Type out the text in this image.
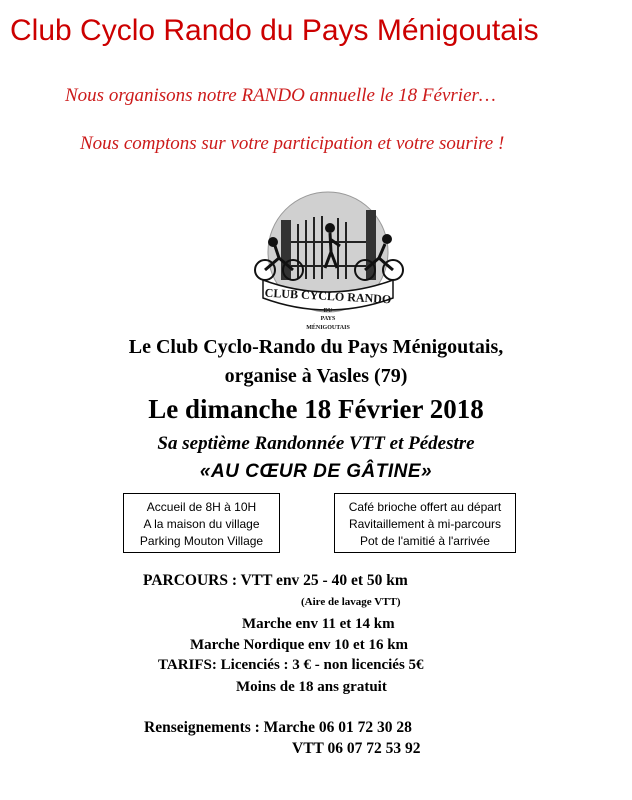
Club Cyclo Rando du Pays Ménigoutais
Nous organisons notre RANDO annuelle le 18 Février…
Nous comptons sur votre participation et votre sourire !
CLUB CYCLO RANDO
DU
PAYS
MÉNIGOUTAIS
Le Club Cyclo-Rando du Pays Ménigoutais,
organise à Vasles (79)
Le dimanche 18 Février 2018
Sa septième Randonnée VTT et Pédestre
«AU CŒUR DE GÂTINE»
Accueil de 8H à 10H
A la maison du village
Parking Mouton Village
Café brioche offert au départ
Ravitaillement à mi-parcours
Pot de l'amitié à l'arrivée
PARCOURS : VTT env 25 - 40 et 50 km
(Aire de lavage VTT)
Marche env 11 et 14 km
Marche Nordique env 10 et 16 km
TARIFS: Licenciés : 3 € - non licenciés 5€
Moins de 18 ans gratuit
Renseignements : Marche 06 01 72 30 28
VTT 06 07 72 53 92
